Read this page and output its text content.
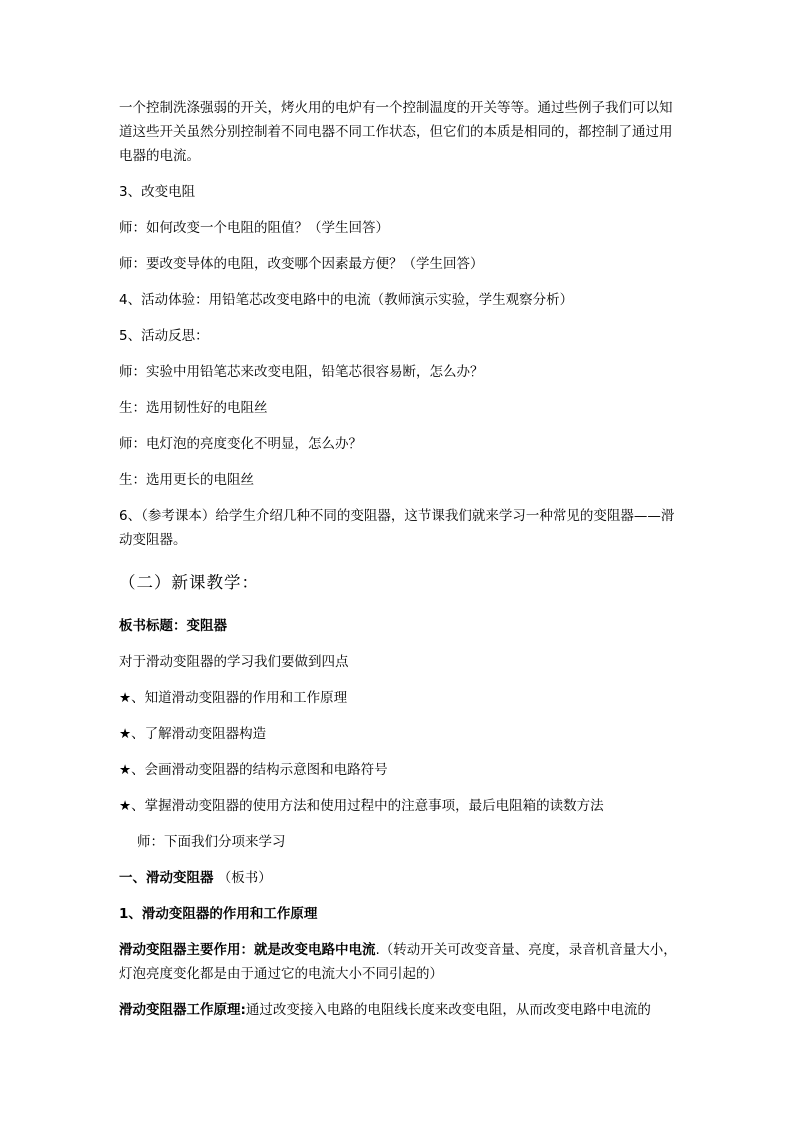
一个控制洗涤强弱的开关，烤火用的电炉有一个控制温度的开关等等。通过些例子我们可以知道这些开关虽然分别控制着不同电器不同工作状态，但它们的本质是相同的，都控制了通过用电器的电流。

3、改变电阻

师：如何改变一个电阻的阻值？（学生回答）

师：要改变导体的电阻，改变哪个因素最方便？（学生回答）

4、活动体验：用铅笔芯改变电路中的电流（教师演示实验，学生观察分析）

5、活动反思：

师：实验中用铅笔芯来改变电阻，铅笔芯很容易断，怎么办？

生：选用韧性好的电阻丝

师：电灯泡的亮度变化不明显，怎么办？

生：选用更长的电阻丝

6、（参考课本）给学生介绍几种不同的变阻器，这节课我们就来学习一种常见的变阻器——滑动变阻器。

（二）新课教学：

板书标题：变阻器

对于滑动变阻器的学习我们要做到四点

★、知道滑动变阻器的作用和工作原理

★、了解滑动变阻器构造

★、会画滑动变阻器的结构示意图和电路符号

★、掌握滑动变阻器的使用方法和使用过程中的注意事项，最后电阻箱的读数方法

师：下面我们分项来学习

一、滑动变阻器 （板书）

1、滑动变阻器的作用和工作原理

滑动变阻器主要作用：就是改变电路中电流.（转动开关可改变音量、亮度，录音机音量大小，灯泡亮度变化都是由于通过它的电流大小不同引起的）

滑动变阻器工作原理:通过改变接入电路的电阻线长度来改变电阻，从而改变电路中电流的
